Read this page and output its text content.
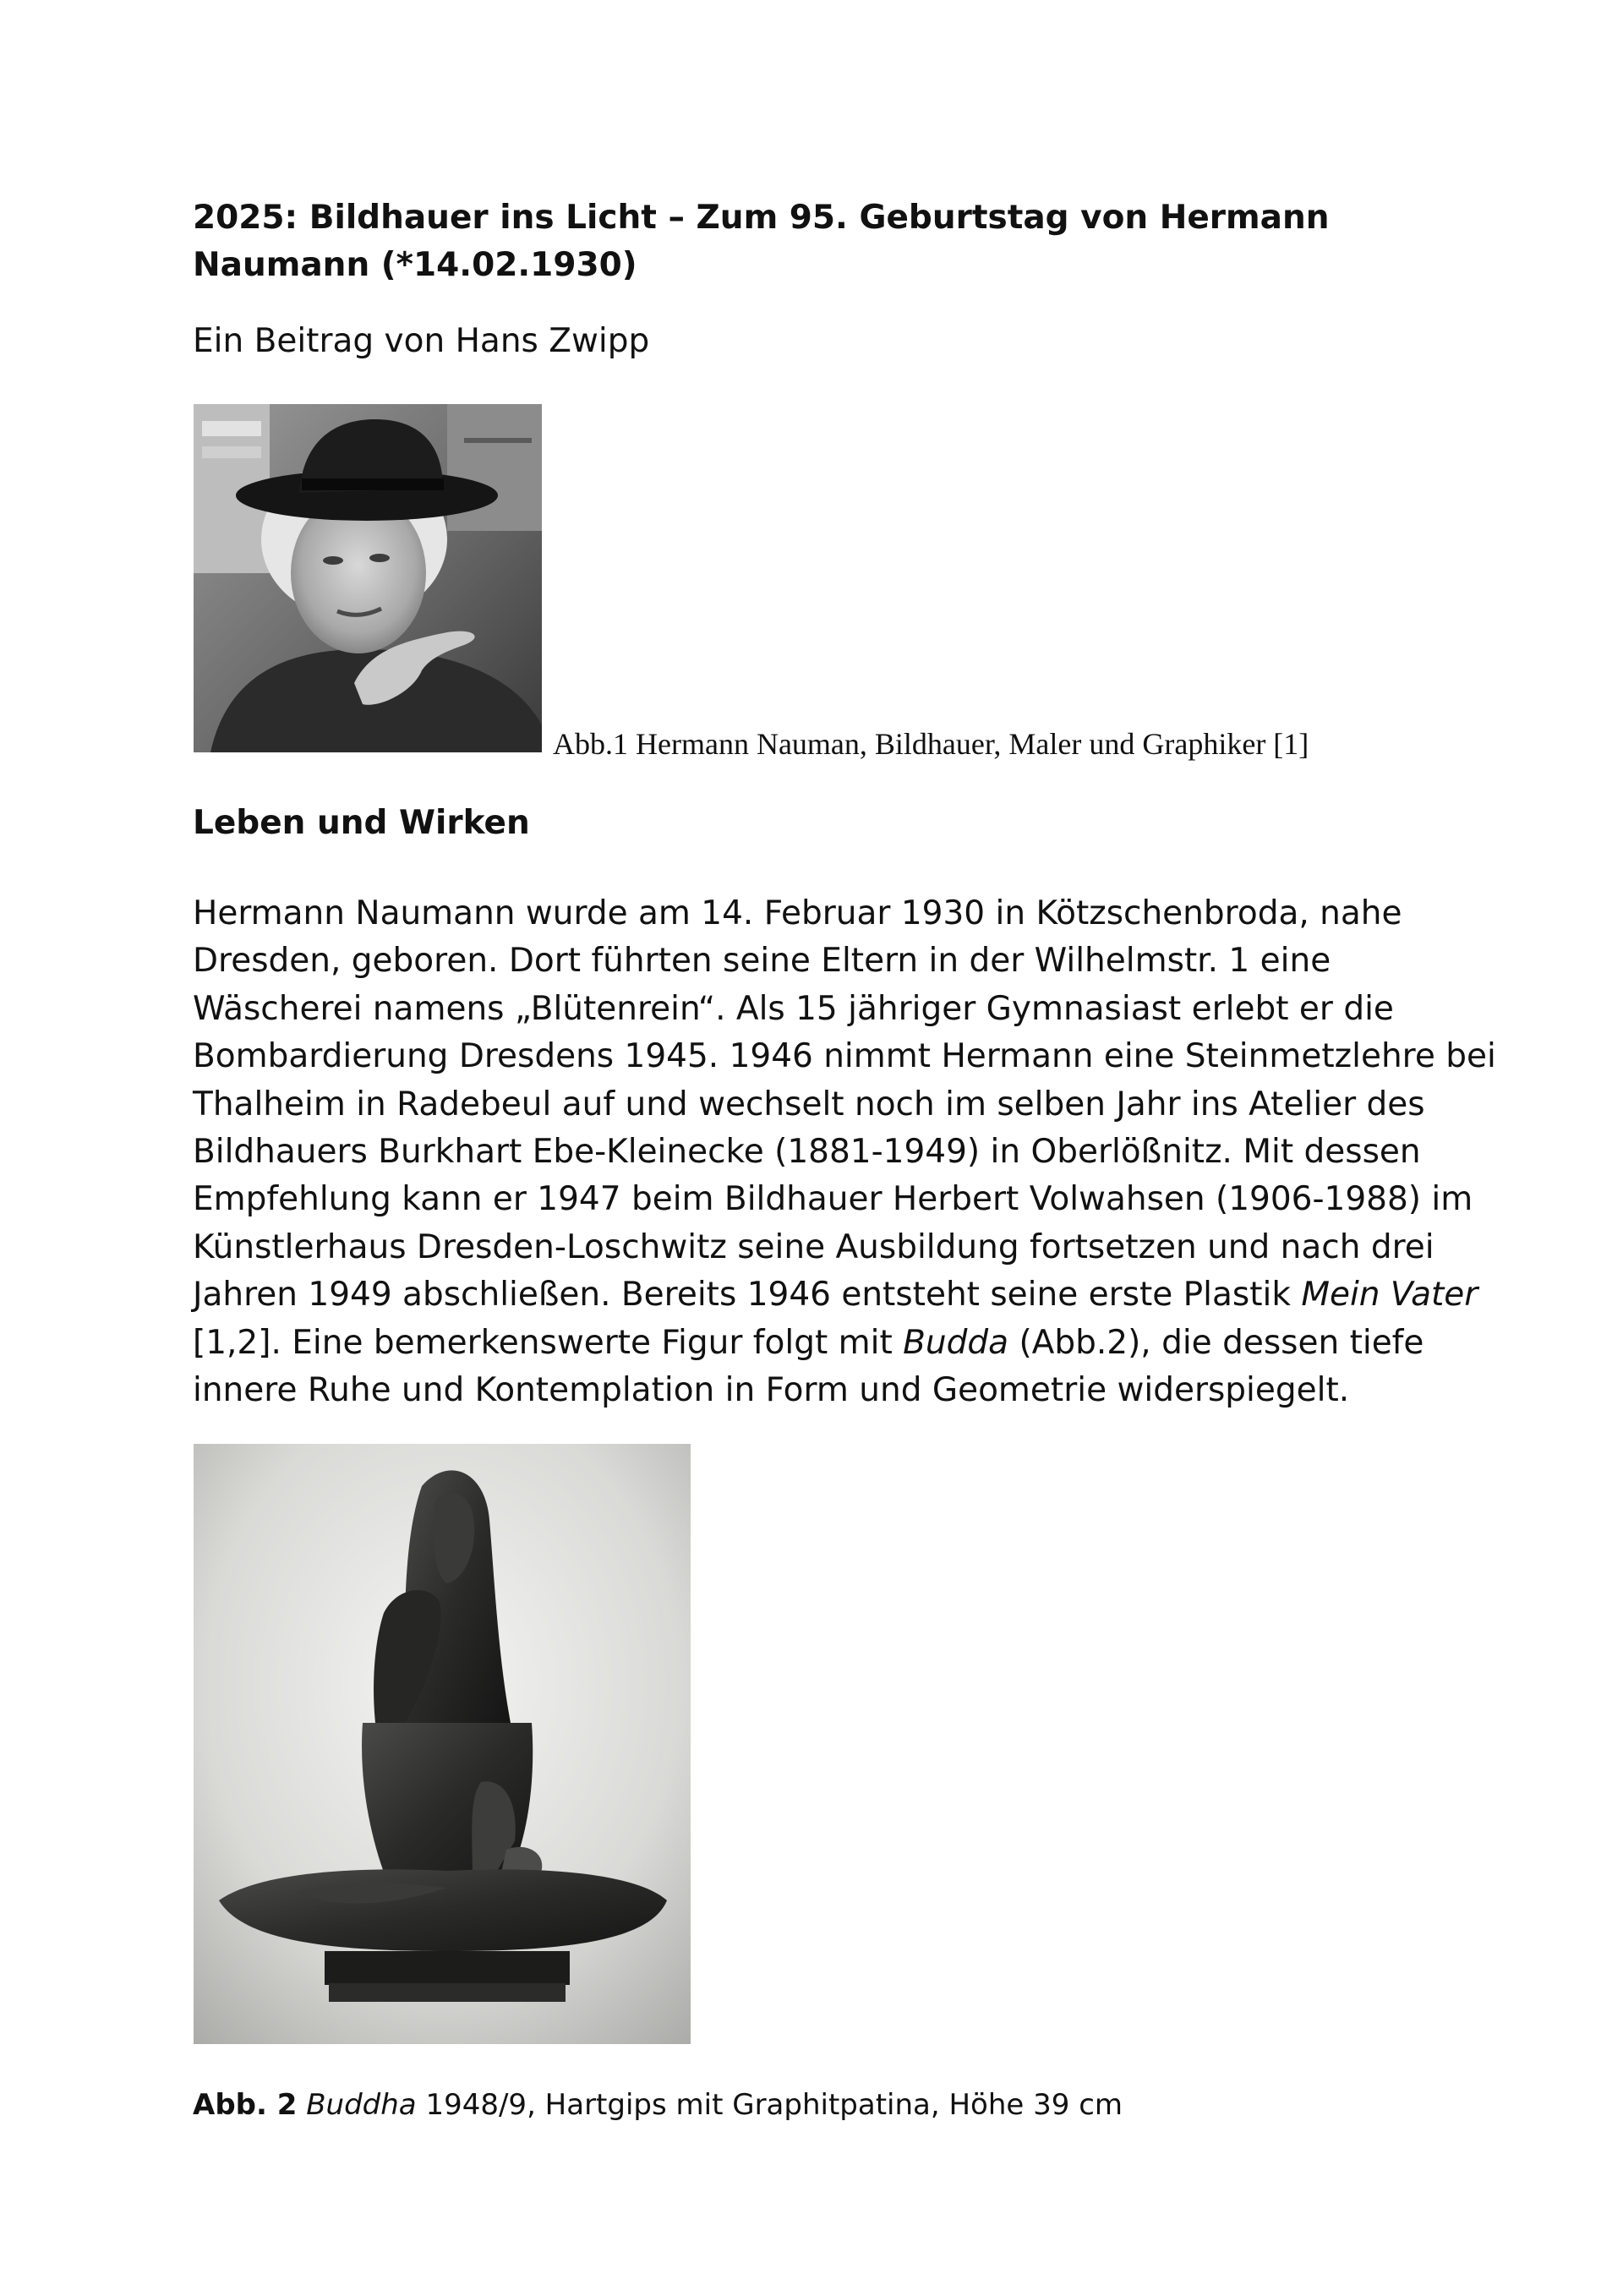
2025: Bildhauer ins Licht – Zum 95. Geburtstag von Hermann Naumann (*14.02.1930)

Ein Beitrag von Hans Zwipp

Abb.1 Hermann Nauman, Bildhauer, Maler und Graphiker [1]

Leben und Wirken

Hermann Naumann wurde am 14. Februar 1930 in Kötzschenbroda, nahe
Dresden, geboren. Dort führten seine Eltern in der Wilhelmstr. 1 eine
Wäscherei namens „Blütenrein“. Als 15 jähriger Gymnasiast erlebt er die
Bombardierung Dresdens 1945. 1946 nimmt Hermann eine Steinmetzlehre bei
Thalheim in Radebeul auf und wechselt noch im selben Jahr ins Atelier des
Bildhauers Burkhart Ebe-Kleinecke (1881-1949) in Oberlößnitz. Mit dessen
Empfehlung kann er 1947 beim Bildhauer Herbert Volwahsen (1906-1988) im
Künstlerhaus Dresden-Loschwitz seine Ausbildung fortsetzen und nach drei
Jahren 1949 abschließen. Bereits 1946 entsteht seine erste Plastik Mein Vater
[1,2]. Eine bemerkenswerte Figur folgt mit Budda (Abb.2), die dessen tiefe
innere Ruhe und Kontemplation in Form und Geometrie widerspiegelt.

Abb. 2 Buddha 1948/9, Hartgips mit Graphitpatina, Höhe 39 cm
